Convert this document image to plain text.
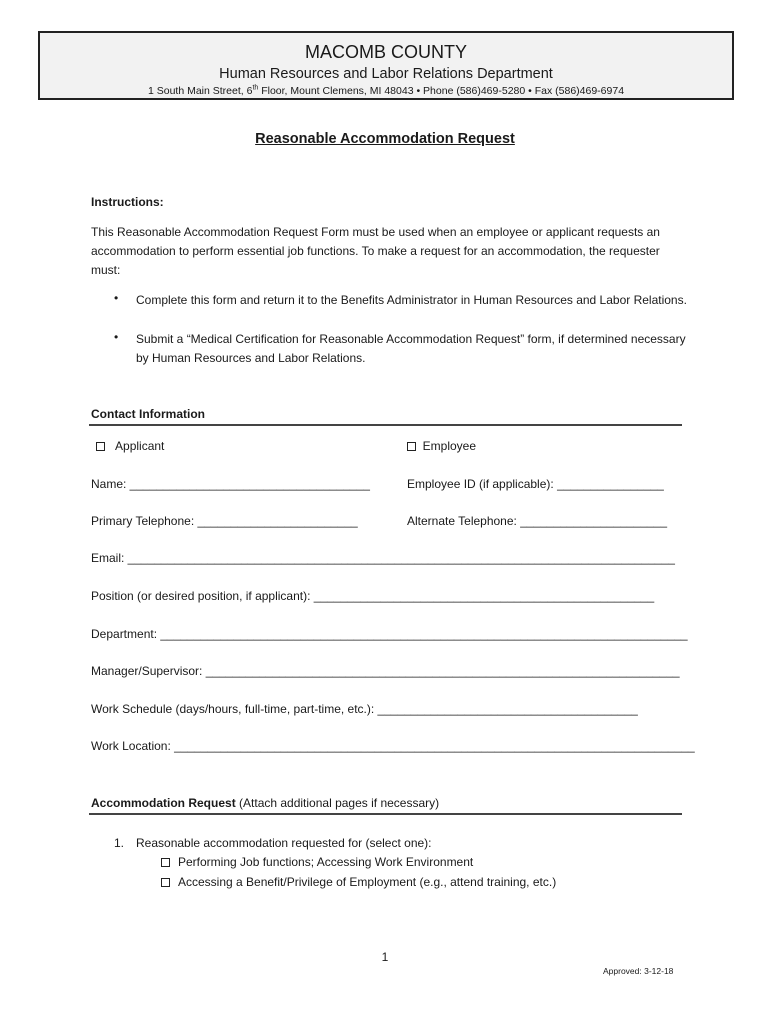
MACOMB COUNTY
Human Resources and Labor Relations Department
1 South Main Street, 6th Floor, Mount Clemens, MI 48043 • Phone (586)469-5280 • Fax (586)469-6974
Reasonable Accommodation Request
Instructions:
This Reasonable Accommodation Request Form must be used when an employee or applicant requests an accommodation to perform essential job functions. To make a request for an accommodation, the requester must:
• Complete this form and return it to the Benefits Administrator in Human Resources and Labor Relations.
• Submit a “Medical Certification for Reasonable Accommodation Request” form, if determined necessary by Human Resources and Labor Relations.
Contact Information
Applicant	Employee
Name: ____________________________________	Employee ID (if applicable): ________________
Primary Telephone: ________________________	Alternate Telephone: ______________________
Email: __________________________________________________________________________________
Position (or desired position, if applicant): ___________________________________________________
Department: _______________________________________________________________________________
Manager/Supervisor: _______________________________________________________________________
Work Schedule (days/hours, full-time, part-time, etc.): _______________________________________
Work Location: ______________________________________________________________________________
Accommodation Request (Attach additional pages if necessary)
1. Reasonable accommodation requested for (select one):
Performing Job functions; Accessing Work Environment
Accessing a Benefit/Privilege of Employment (e.g., attend training, etc.)
1
Approved: 3-12-18
